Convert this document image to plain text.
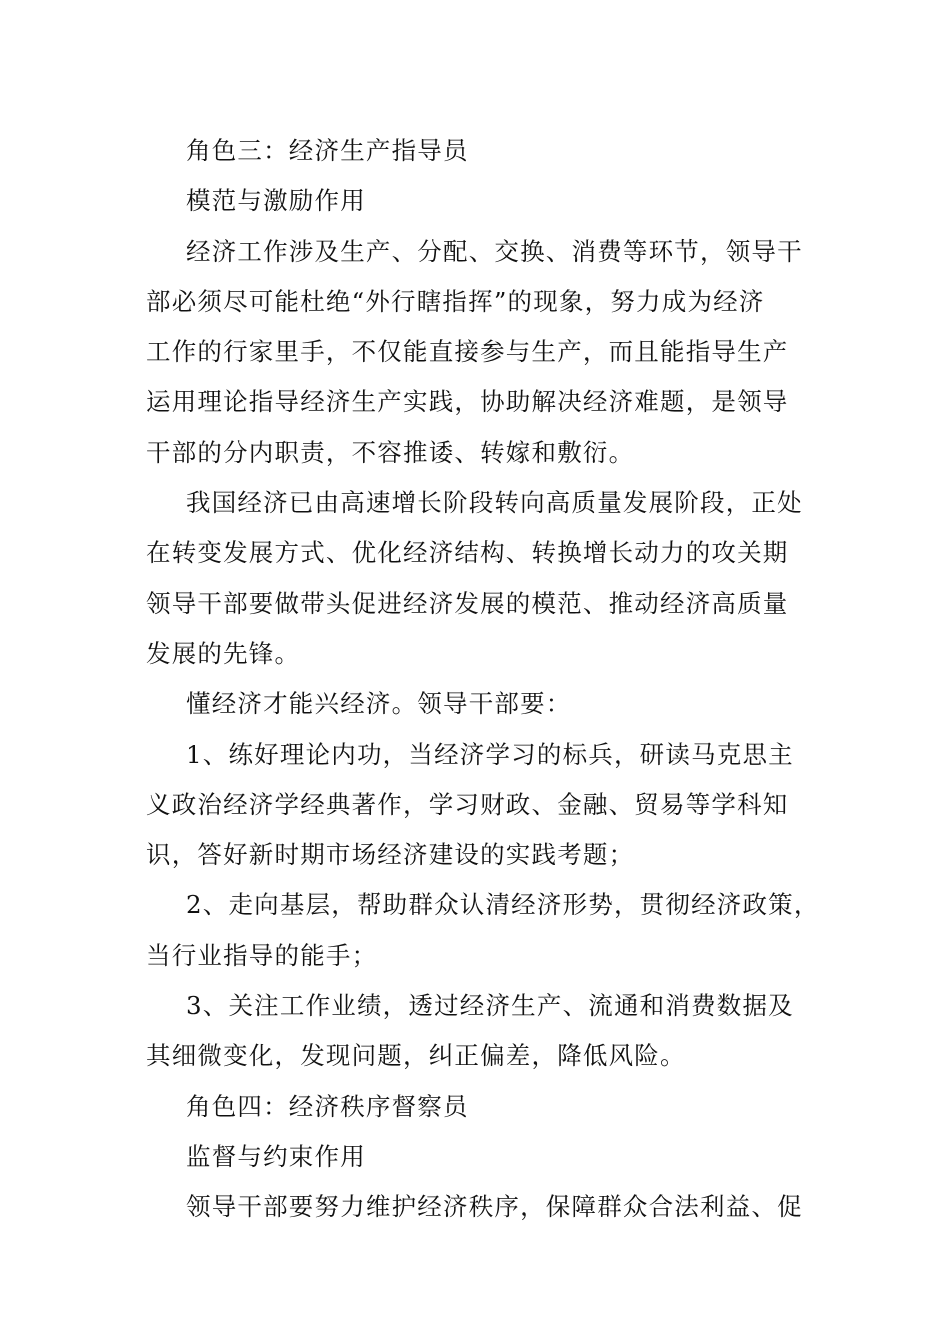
角色三：经济生产指导员
模范与激励作用
经济工作涉及生产、分配、交换、消费等环节，领导干
部必须尽可能杜绝“外行瞎指挥”的现象，努力成为经济
工作的行家里手，不仅能直接参与生产，而且能指导生产
运用理论指导经济生产实践，协助解决经济难题，是领导
干部的分内职责，不容推诿、转嫁和敷衍。
我国经济已由高速增长阶段转向高质量发展阶段，正处
在转变发展方式、优化经济结构、转换增长动力的攻关期
领导干部要做带头促进经济发展的模范、推动经济高质量
发展的先锋。
懂经济才能兴经济。领导干部要：
1、练好理论内功，当经济学习的标兵，研读马克思主
义政治经济学经典著作，学习财政、金融、贸易等学科知
识，答好新时期市场经济建设的实践考题；
2、走向基层，帮助群众认清经济形势，贯彻经济政策，
当行业指导的能手；
3、关注工作业绩，透过经济生产、流通和消费数据及
其细微变化，发现问题，纠正偏差，降低风险。
角色四：经济秩序督察员
监督与约束作用
领导干部要努力维护经济秩序，保障群众合法利益、促
